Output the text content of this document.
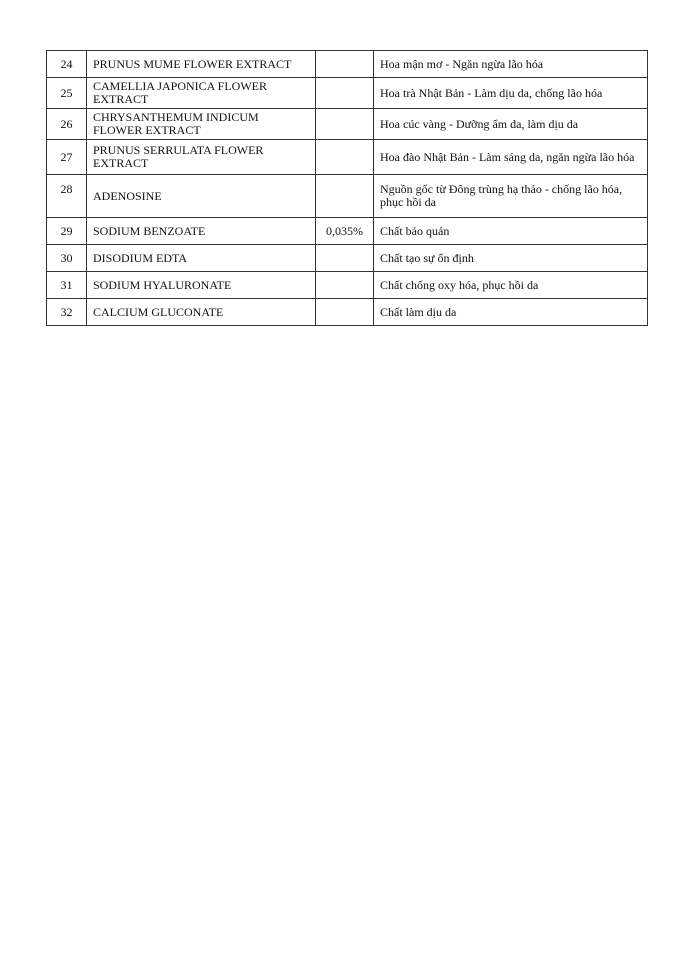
24	PRUNUS MUME FLOWER EXTRACT		Hoa mận mơ - Ngăn ngừa lão hóa
25	CAMELLIA JAPONICA FLOWER EXTRACT		Hoa trà Nhật Bản - Làm dịu da, chống lão hóa
26	CHRYSANTHEMUM INDICUM FLOWER EXTRACT		Hoa cúc vàng - Dưỡng ẩm da, làm dịu da
27	PRUNUS SERRULATA FLOWER EXTRACT		Hoa đào Nhật Bản - Làm sáng da, ngăn ngừa lão hóa
28	ADENOSINE		Nguồn gốc từ Đông trùng hạ thảo - chống lão hóa, phục hồi da
29	SODIUM BENZOATE	0,035%	Chất bảo quản
30	DISODIUM EDTA		Chất tạo sự ổn định
31	SODIUM HYALURONATE		Chất chống oxy hóa, phục hồi da
32	CALCIUM GLUCONATE		Chất làm dịu da
